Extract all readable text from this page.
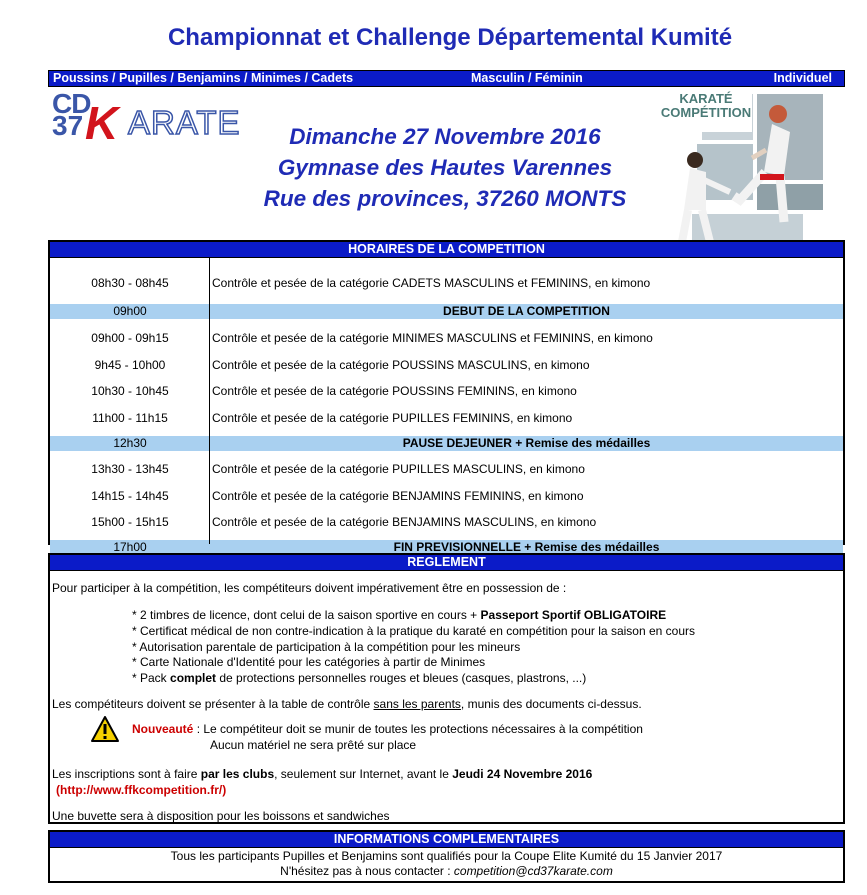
Championnat et Challenge Départemental Kumité
Poussins / Pupilles / Benjamins / Minimes / Cadets	Masculin / Féminin	Individuel
CD
37 K ARATE	Dimanche 27 Novembre 2016
Gymnase des Hautes Varennes
Rue des provinces, 37260 MONTS
KARATÉ COMPÉTITION
HORAIRES DE LA COMPETITION
08h30 - 08h45	Contrôle et pesée de la catégorie CADETS MASCULINS et FEMININS, en kimono
09h00	DEBUT DE LA COMPETITION
09h00 - 09h15	Contrôle et pesée de la catégorie MINIMES MASCULINS et FEMININS, en kimono
9h45 - 10h00	Contrôle et pesée de la catégorie POUSSINS MASCULINS, en kimono
10h30 - 10h45	Contrôle et pesée de la catégorie POUSSINS FEMININS, en kimono
11h00 - 11h15	Contrôle et pesée de la catégorie PUPILLES FEMININS, en kimono
12h30	PAUSE DEJEUNER + Remise des médailles
13h30 - 13h45	Contrôle et pesée de la catégorie PUPILLES MASCULINS, en kimono
14h15 - 14h45	Contrôle et pesée de la catégorie BENJAMINS FEMININS, en kimono
15h00 - 15h15	Contrôle et pesée de la catégorie BENJAMINS MASCULINS, en kimono
17h00	FIN PREVISIONNELLE + Remise des médailles
REGLEMENT
Pour participer à la compétition, les compétiteurs doivent impérativement être en possession de :
* 2 timbres de licence, dont celui de la saison sportive en cours + Passeport Sportif OBLIGATOIRE
* Certificat médical de non contre-indication à la pratique du karaté en compétition pour la saison en cours
* Autorisation parentale de participation à la compétition pour les mineurs
* Carte Nationale d'Identité pour les catégories à partir de Minimes
* Pack complet de protections personnelles rouges et bleues (casques, plastrons, ...)
Les compétiteurs doivent se présenter à la table de contrôle sans les parents, munis des documents ci-dessus.
Nouveauté : Le compétiteur doit se munir de toutes les protections nécessaires à la compétition
Aucun matériel ne sera prêté sur place
Les inscriptions sont à faire par les clubs, seulement sur Internet, avant le Jeudi 24 Novembre 2016
(http://www.ffkcompetition.fr/)
Une buvette sera à disposition pour les boissons et sandwiches
INFORMATIONS COMPLEMENTAIRES
Tous les participants Pupilles et Benjamins sont qualifiés pour la Coupe Elite Kumité du 15 Janvier 2017
N'hésitez pas à nous contacter : competition@cd37karate.com
